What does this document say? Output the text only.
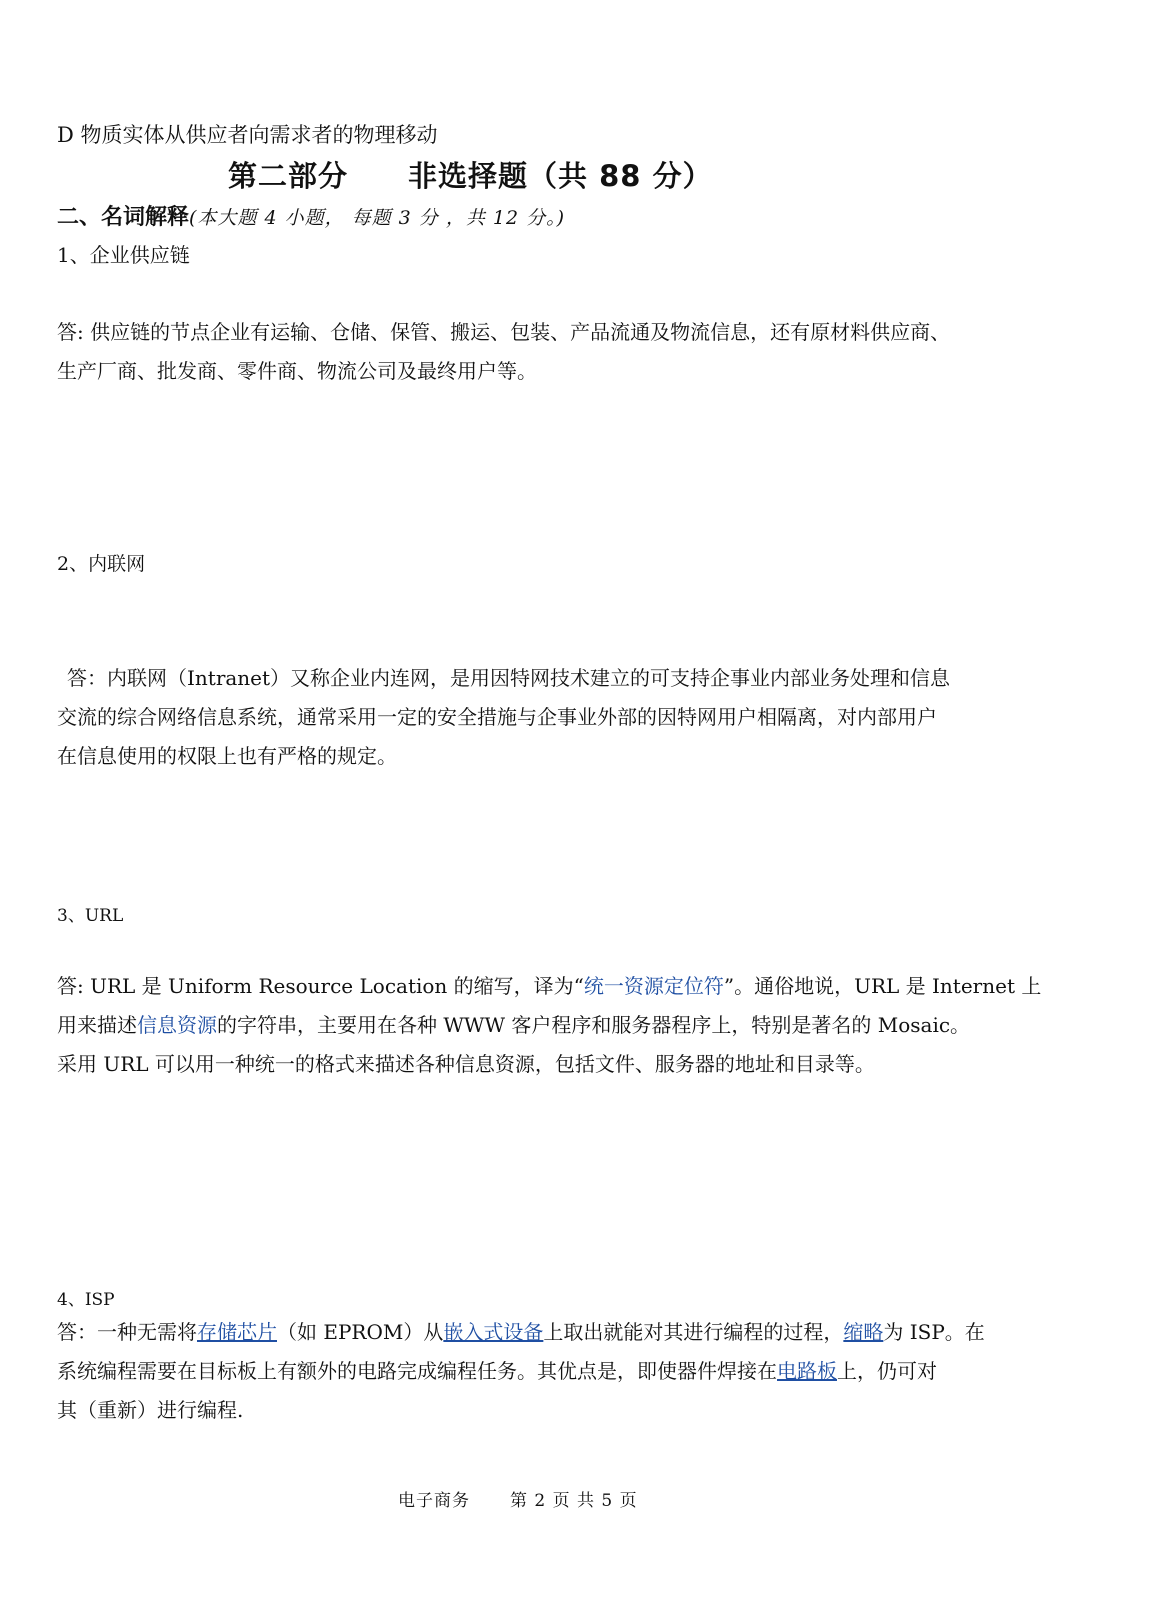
D 物质实体从供应者向需求者的物理移动
第二部分 非选择题（共 88 分）
二、名词解释(本大题 4 小题， 每题 3 分 ，共 12 分。)
1、企业供应链
答: 供应链的节点企业有运输、仓储、保管、搬运、包装、产品流通及物流信息，还有原材料供应商、
生产厂商、批发商、零件商、物流公司及最终用户等。
2、内联网
答：内联网（Intranet）又称企业内连网，是用因特网技术建立的可支持企事业内部业务处理和信息
交流的综合网络信息系统，通常采用一定的安全措施与企事业外部的因特网用户相隔离，对内部用户
在信息使用的权限上也有严格的规定。
3、URL
答: URL 是 Uniform Resource Location 的缩写，译为“统一资源定位符”。通俗地说，URL 是 Internet 上
用来描述信息资源的字符串，主要用在各种 WWW 客户程序和服务器程序上，特别是著名的 Mosaic。
采用 URL 可以用一种统一的格式来描述各种信息资源，包括文件、服务器的地址和目录等。
4、ISP
答：一种无需将存储芯片（如 EPROM）从嵌入式设备上取出就能对其进行编程的过程，缩略为 ISP。在
系统编程需要在目标板上有额外的电路完成编程任务。其优点是，即使器件焊接在电路板上，仍可对
其（重新）进行编程.
电子商务 第 2 页 共 5 页
